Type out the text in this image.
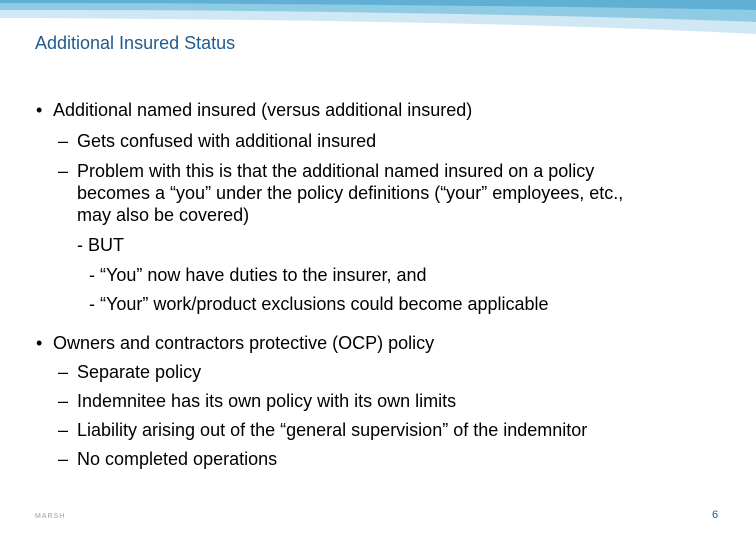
Additional Insured Status
• Additional named insured (versus additional insured)
– Gets confused with additional insured
– Problem with this is that the additional named insured on a policy
becomes a “you” under the policy definitions (“your” employees, etc.,
may also be covered)
- BUT
- “You” now have duties to the insurer, and
- “Your” work/product exclusions could become applicable
• Owners and contractors protective (OCP) policy
– Separate policy
– Indemnitee has its own policy with its own limits
– Liability arising out of the “general supervision” of the indemnitor
– No completed operations
MARSH	6
